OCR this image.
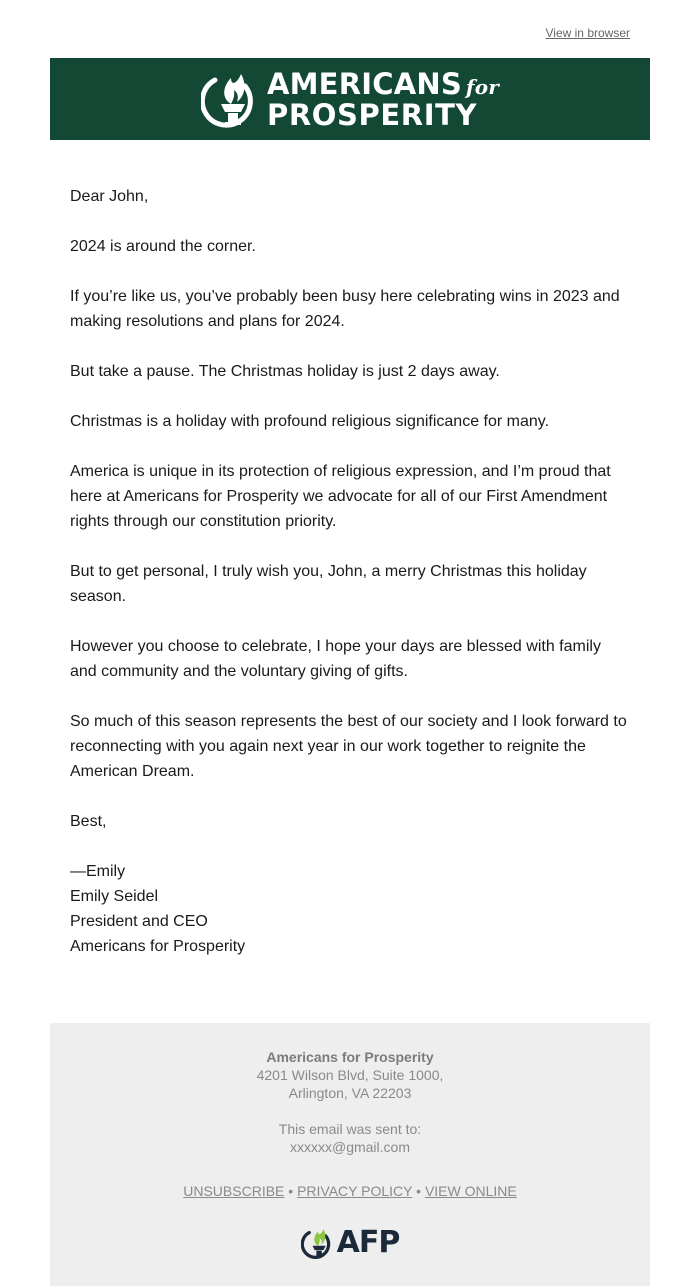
View in browser
AMERICANS for
PROSPERITY

Dear John,

2024 is around the corner.

If you’re like us, you’ve probably been busy here celebrating wins in 2023 and making resolutions and plans for 2024.

But take a pause. The Christmas holiday is just 2 days away.

Christmas is a holiday with profound religious significance for many.

America is unique in its protection of religious expression, and I’m proud that here at Americans for Prosperity we advocate for all of our First Amendment rights through our constitution priority.

But to get personal, I truly wish you, John, a merry Christmas this holiday season.

However you choose to celebrate, I hope your days are blessed with family and community and the voluntary giving of gifts.

So much of this season represents the best of our society and I look forward to reconnecting with you again next year in our work together to reignite the American Dream.

Best,

—Emily

Emily Seidel

President and CEO

Americans for Prosperity

Americans for Prosperity
4201 Wilson Blvd, Suite 1000,
Arlington, VA 22203
This email was sent to:
xxxxxx@gmail.com
UNSUBSCRIBE • PRIVACY POLICY • VIEW ONLINE
AFP
